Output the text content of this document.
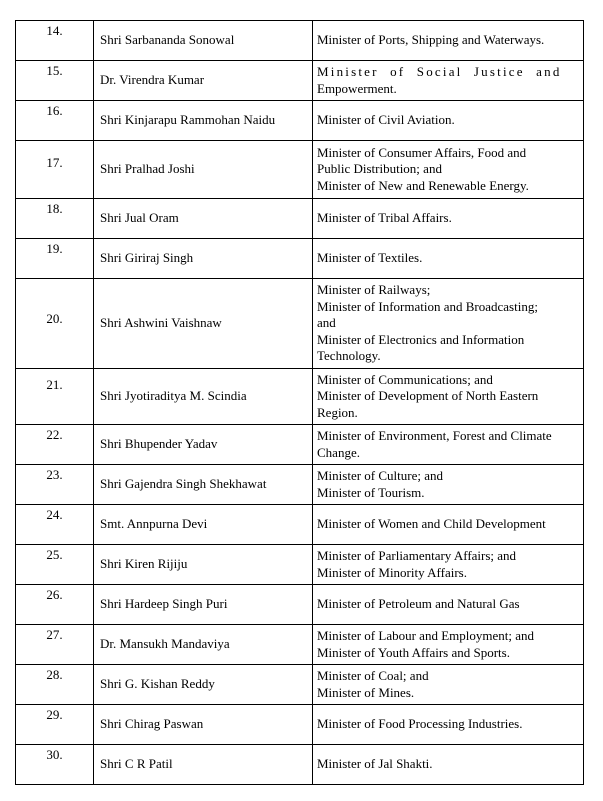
14.	Shri Sarbananda Sonowal	Minister of Ports, Shipping and Waterways.

15.	Dr. Virendra Kumar	Minister of Social Justice and
Empowerment.

16.	Shri Kinjarapu Rammohan Naidu	Minister of Civil Aviation.

17.	Shri Pralhad Joshi	Minister of Consumer Affairs, Food and
Public Distribution; and
Minister of New and Renewable Energy.

18.	Shri Jual Oram	Minister of Tribal Affairs.

19.	Shri Giriraj Singh	Minister of Textiles.

20.	Shri Ashwini Vaishnaw	Minister of Railways;
Minister of Information and Broadcasting;
and
Minister of Electronics and Information
Technology.

21.	Shri Jyotiraditya M. Scindia	Minister of Communications; and
Minister of Development of North Eastern
Region.

22.	Shri Bhupender Yadav	Minister of Environment, Forest and Climate
Change.

23.	Shri Gajendra Singh Shekhawat	Minister of Culture; and
Minister of Tourism.

24.	Smt. Annpurna Devi	Minister of Women and Child Development

25.	Shri Kiren Rijiju	Minister of Parliamentary Affairs; and
Minister of Minority Affairs.

26.	Shri Hardeep Singh Puri	Minister of Petroleum and Natural Gas

27.	Dr. Mansukh Mandaviya	Minister of Labour and Employment; and
Minister of Youth Affairs and Sports.

28.	Shri G. Kishan Reddy	Minister of Coal; and
Minister of Mines.

29.	Shri Chirag Paswan	Minister of Food Processing Industries.

30.	Shri C R Patil	Minister of Jal Shakti.
